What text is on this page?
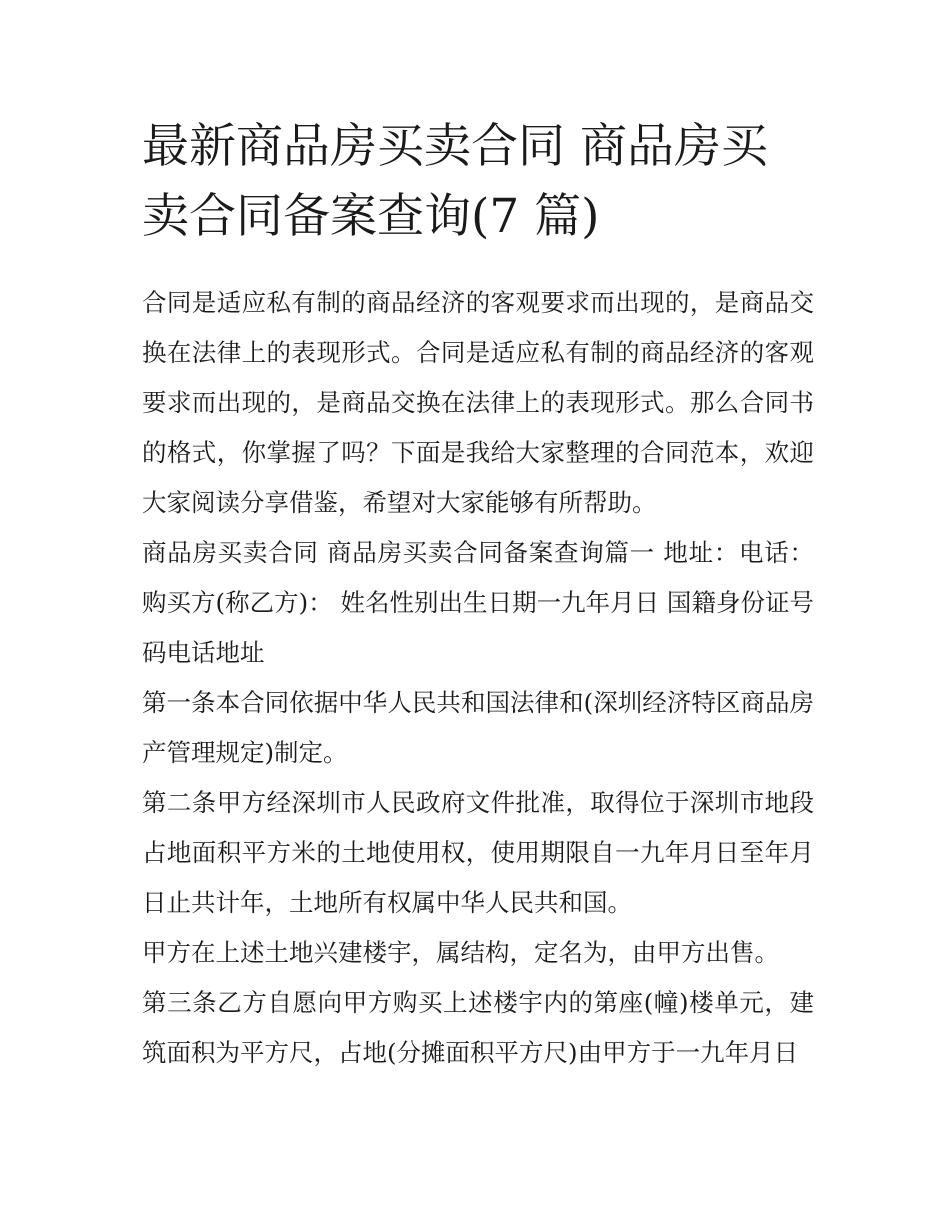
最新商品房买卖合同 商品房买卖合同备案查询(7 篇)

合同是适应私有制的商品经济的客观要求而出现的，是商品交换在法律上的表现形式。合同是适应私有制的商品经济的客观要求而出现的，是商品交换在法律上的表现形式。那么合同书的格式，你掌握了吗？下面是我给大家整理的合同范本，欢迎大家阅读分享借鉴，希望对大家能够有所帮助。

商品房买卖合同 商品房买卖合同备案查询篇一 地址：电话：购买方(称乙方)： 姓名性别出生日期一九年月日 国籍身份证号码电话地址

第一条本合同依据中华人民共和国法律和(深圳经济特区商品房产管理规定)制定。

第二条甲方经深圳市人民政府文件批准，取得位于深圳市地段占地面积平方米的土地使用权，使用期限自一九年月日至年月日止共计年，土地所有权属中华人民共和国。

甲方在上述土地兴建楼宇，属结构，定名为，由甲方出售。

第三条乙方自愿向甲方购买上述楼宇内的第座(幢)楼单元，建筑面积为平方尺，占地(分摊面积平方尺)由甲方于一九年月日
